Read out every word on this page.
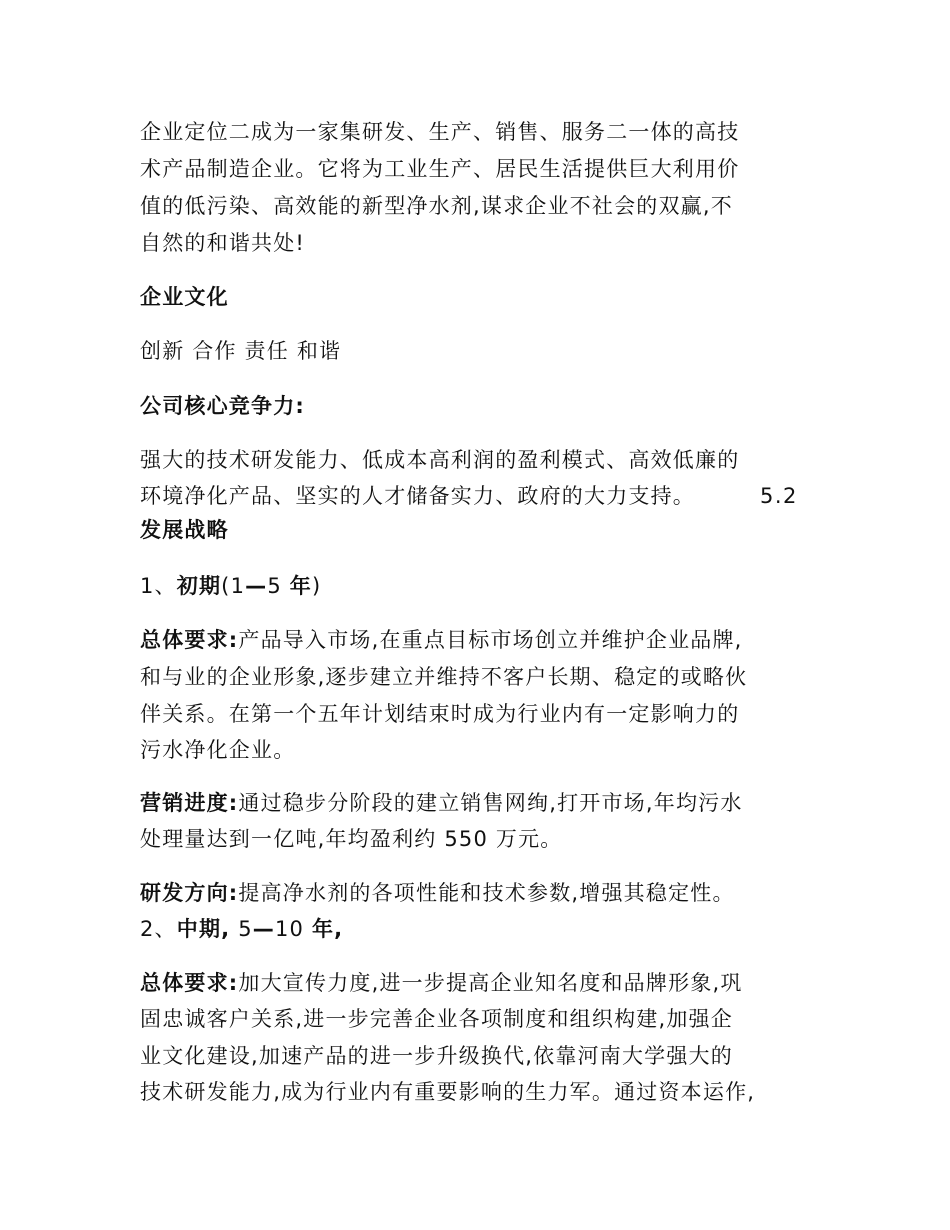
企业定位二成为一家集研发、生产、销售、服务二一体的高技
术产品制造企业。它将为工业生产、居民生活提供巨大利用价
值的低污染、高效能的新型净水剂,谋求企业不社会的双赢,不
自然的和谐共处!
企业文化
创新 合作 责任 和谐
公司核心竞争力:
强大的技术研发能力、低成本高利润的盈利模式、高效低廉的
环境净化产品、坚实的人才储备实力、政府的大力支持。	5.2
发展战略
1、初期(1—5 年)
总体要求:产品导入市场,在重点目标市场创立并维护企业品牌,
和与业的企业形象,逐步建立并维持不客户长期、稳定的或略伙
伴关系。在第一个五年计划结束时成为行业内有一定影响力的
污水净化企业。
营销进度:通过稳步分阶段的建立销售网绚,打开市场,年均污水
处理量达到一亿吨,年均盈利约 550 万元。
研发方向:提高净水剂的各项性能和技术参数,增强其稳定性。
2、中期, 5—10 年,
总体要求:加大宣传力度,进一步提高企业知名度和品牌形象,巩
固忠诚客户关系,进一步完善企业各项制度和组织构建,加强企
业文化建设,加速产品的进一步升级换代,依靠河南大学强大的
技术研发能力,成为行业内有重要影响的生力军。通过资本运作,
